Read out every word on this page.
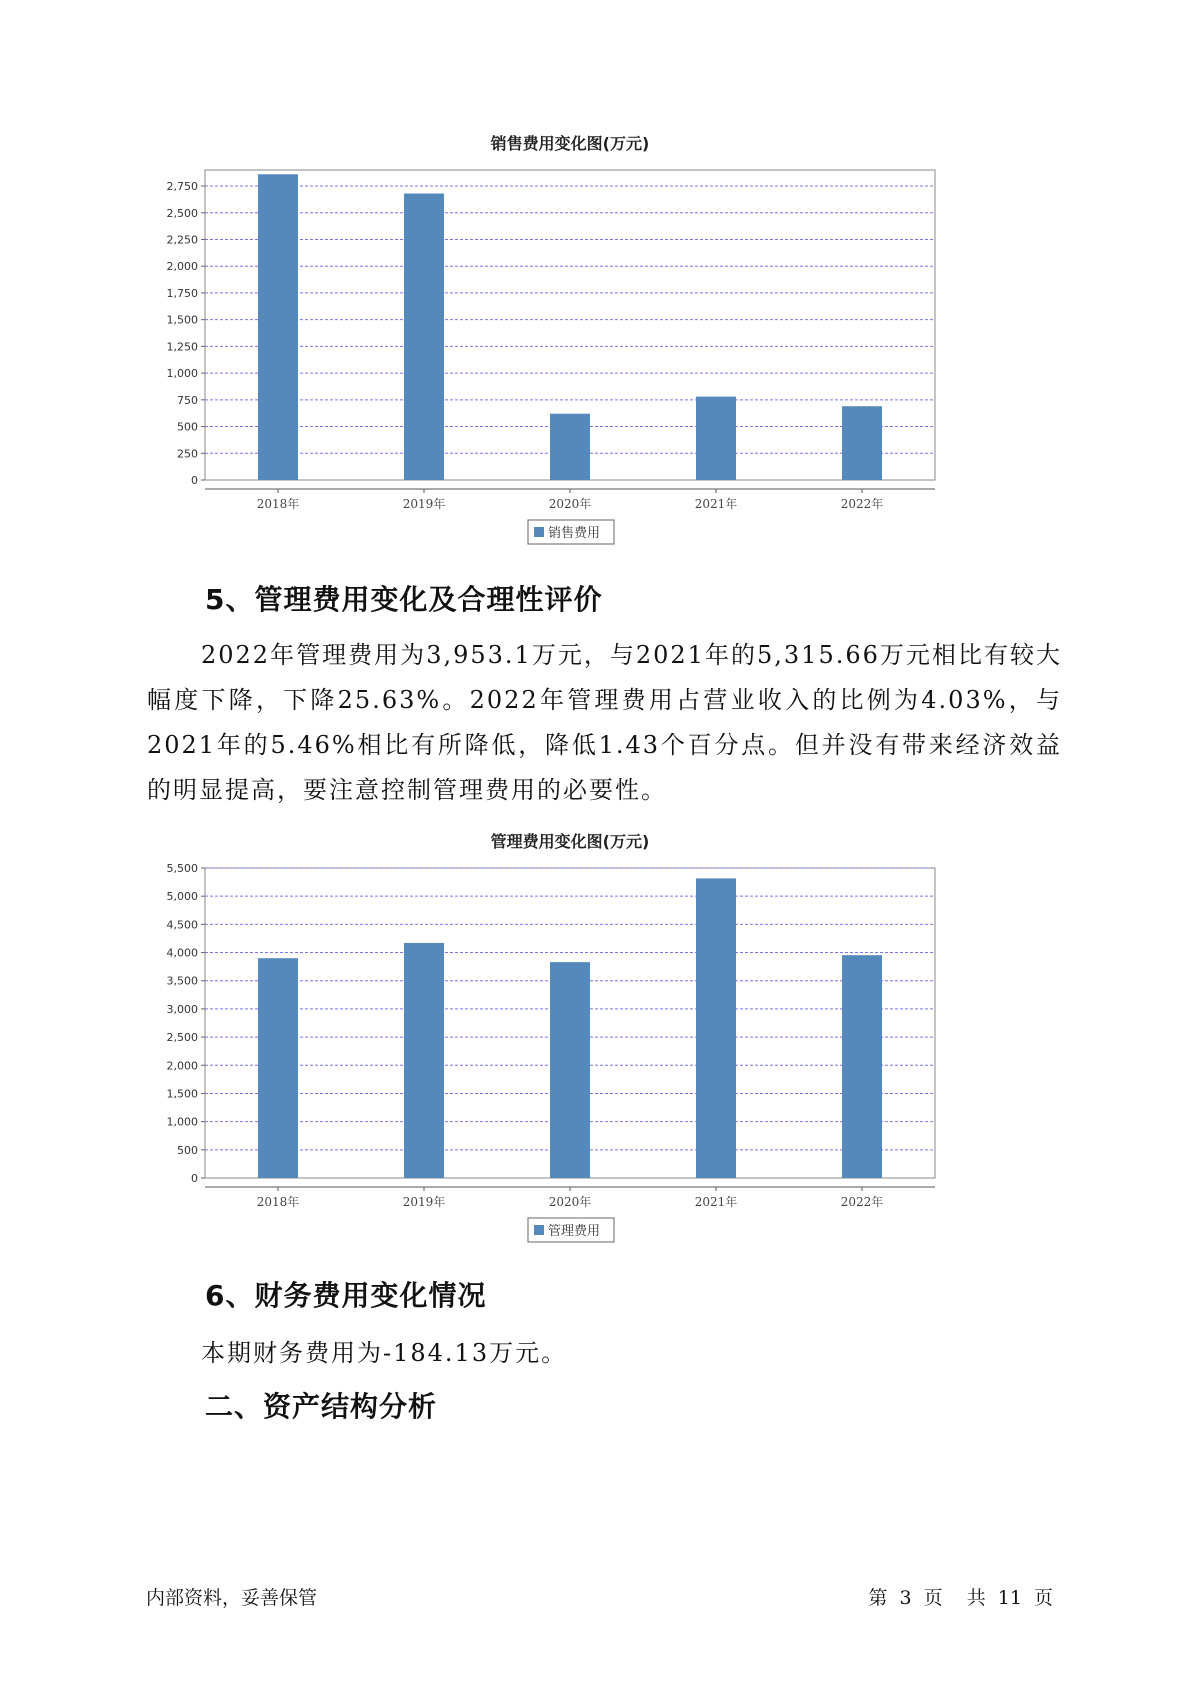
销售费用变化图(万元)
0
250
500
750
1,000
1,250
1,500
1,750
2,000
2,250
2,500
2,750
2018年	2019年	2020年	2021年	2022年
销售费用
5、管理费用变化及合理性评价

2022年管理费用为3,953.1万元，与2021年的5,315.66万元相比有较大幅度下降，下降25.63%。2022年管理费用占营业收入的比例为4.03%，与2021年的5.46%相比有所降低，降低1.43个百分点。但并没有带来经济效益的明显提高，要注意控制管理费用的必要性。

管理费用变化图(万元)
0
500
1,000
1,500
2,000
2,500
3,000
3,500
4,000
4,500
5,000
5,500
2018年	2019年	2020年	2021年	2022年
管理费用
6、财务费用变化情况

本期财务费用为-184.13万元。

二、资产结构分析
内部资料，妥善保管	第 3 页 共 11 页
